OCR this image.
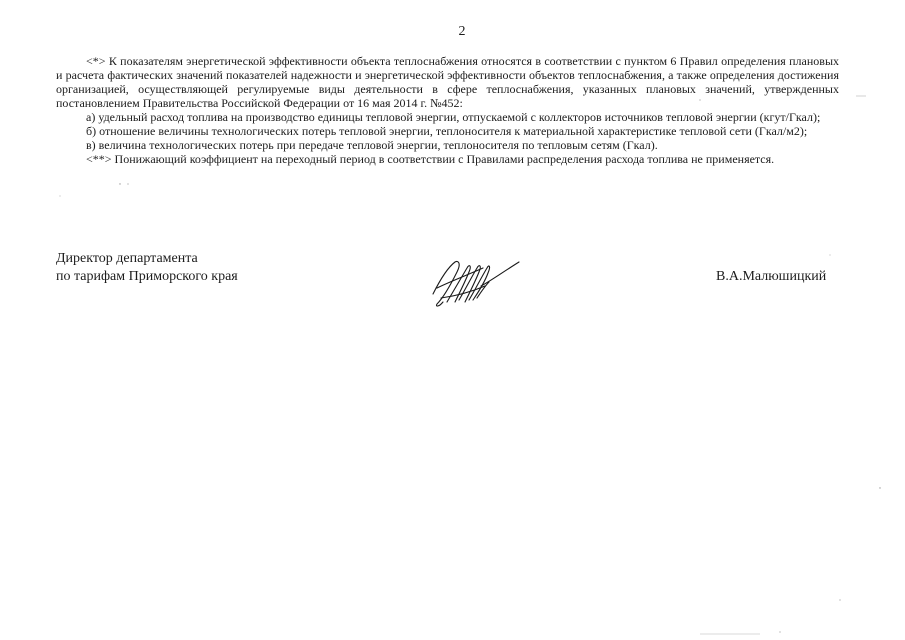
2

<*> К показателям энергетической эффективности объекта теплоснабжения относятся в соответствии с пунктом 6 Правил определения плановых и расчета фактических значений показателей надежности и энергетической эффективности объектов теплоснабжения, а также определения достижения организацией, осуществляющей регулируемые виды деятельности в сфере теплоснабжения, указанных плановых значений, утвержденных постановлением Правительства Российской Федерации от 16 мая 2014 г. №452:

а) удельный расход топлива на производство единицы тепловой энергии, отпускаемой с коллекторов источников тепловой энергии (кгут/Гкал);

б) отношение величины технологических потерь тепловой энергии, теплоносителя к материальной характеристике тепловой сети (Гкал/м2);

в) величина технологических потерь при передаче тепловой энергии, теплоносителя по тепловым сетям (Гкал).

<**> Понижающий коэффициент на переходный период в соответствии с Правилами распределения расхода топлива не применяется.

Директор департамента
по тарифам Приморского края	В.А.Малюшицкий
